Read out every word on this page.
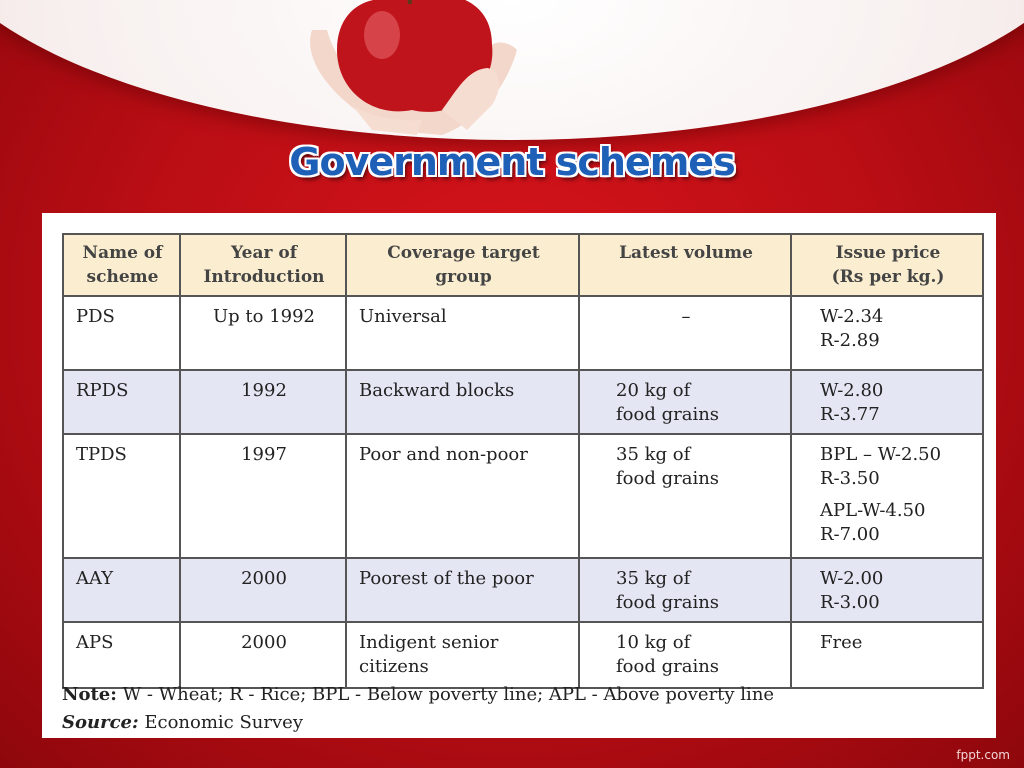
Government schemes
Name of
scheme	Year of
Introduction	Coverage target
group	Latest volume	Issue price
(Rs per kg.)

PDS	Up to 1992	Universal	–	W-2.34
R-2.89

RPDS	1992	Backward blocks	20 kg of
food grains	W-2.80
R-3.77

TPDS	1997	Poor and non-poor	35 kg of
food grains	BPL – W-2.50
R-3.50
APL-W-4.50
R-7.00

AAY	2000	Poorest of the poor	35 kg of
food grains	W-2.00
R-3.00

APS	2000	Indigent senior
citizens	10 kg of
food grains	Free
Note: W - Wheat; R - Rice; BPL - Below poverty line; APL - Above poverty line
Source: Economic Survey
fppt.com
